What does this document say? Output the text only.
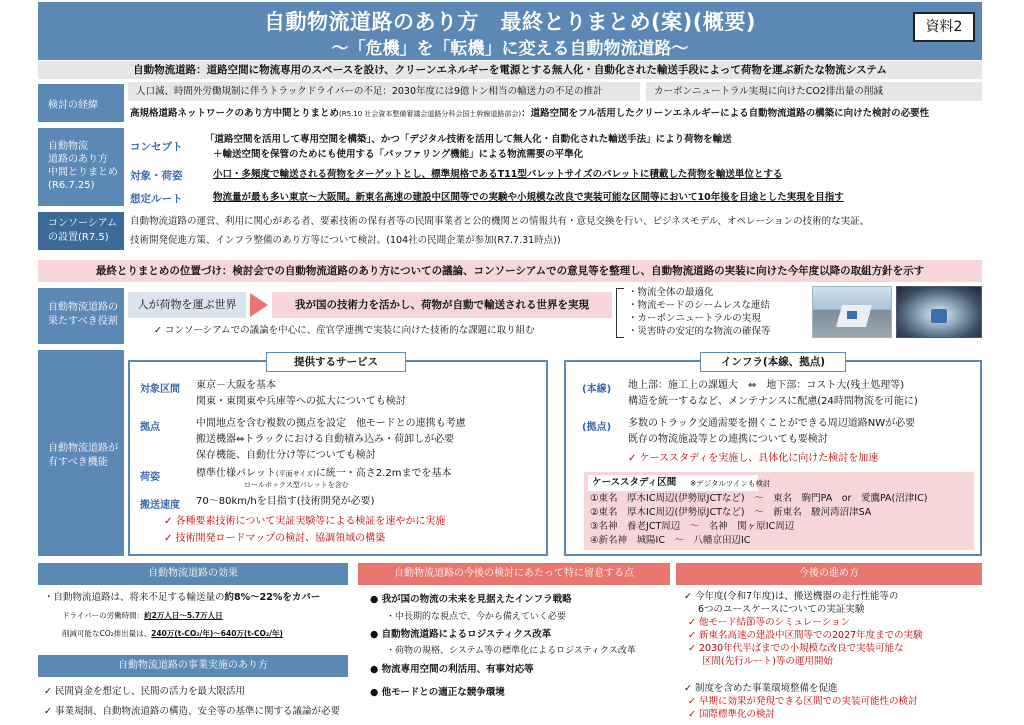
自動物流道路のあり方　最終とりまとめ(案)(概要)
〜「危機」を「転機」に変える自動物流道路〜
資料2
自動物流道路：道路空間に物流専用のスペースを設け、クリーンエネルギーを電源とする無人化・自動化された輸送手段によって荷物を運ぶ新たな物流システム
検討の経緯
人口減、時間外労働規制に伴うトラックドライバーの不足：2030年度には9億トン相当の輸送力の不足の推計	カーボンニュートラル実現に向けたCO2排出量の削減
高規格道路ネットワークのあり方中間とりまとめ(R5.10 社会資本整備審議会道路分科会国土幹線道路部会)：道路空間をフル活用したクリーンエネルギーによる自動物流道路の構築に向けた検討の必要性
自動物流
道路のあり方
中間とりまとめ
(R6.7.25)
コンセプト
「道路空間を活用して専用空間を構築」、かつ「デジタル技術を活用して無人化・自動化された輸送手法」により荷物を輸送
＋輸送空間を保管のためにも使用する「バッファリング機能」による物流需要の平準化
対象・荷姿	小口・多頻度で輸送される荷物をターゲットとし、標準規格であるT11型パレットサイズのパレットに積載した荷物を輸送単位とする
想定ルート	物流量が最も多い東京〜大阪間。新東名高速の建設中区間等での実験や小規模な改良で実装可能な区間等において10年後を目途とした実現を目指す
コンソーシアム
の設置(R7.5)
自動物流道路の運営、利用に関心がある者、要素技術の保有者等の民間事業者と公的機関との情報共有・意見交換を行い、ビジネスモデル、オペレーションの技術的な実証、
技術開発促進方策、インフラ整備のあり方等について検討。(104社の民間企業が参加(R7.7.31時点))
最終とりまとめの位置づけ：検討会での自動物流道路のあり方についての議論、コンソーシアムでの意見等を整理し、自動物流道路の実装に向けた今年度以降の取組方針を示す
自動物流道路の
果たすべき役割
人が荷物を運ぶ世界	我が国の技術力を活かし、荷物が自動で輸送される世界を実現
・物流全体の最適化
・物流モードのシームレスな連結
・カーボンニュートラルの実現
・災害時の安定的な物流の確保等
✓ コンソーシアムでの議論を中心に、産官学連携で実装に向けた技術的な課題に取り組む
自動物流道路が
有すべき機能
提供するサービス
対象区間 東京－大阪を基本
関東・東関東や兵庫等への拡大についても検討
拠点	中間地点を含む複数の拠点を設定　他モードとの連携も考慮
搬送機器⇔トラックにおける自動積み込み・荷卸しが必要
保存機能、自動仕分け等についても検討
荷姿	標準仕様パレット(平面サイズ)に統一・高さ2.2mまでを基本
ロールボックス型パレットを含む
搬送速度 70〜80km/hを目指す(技術開発が必要)
✓ 各種要素技術について実証実験等による検証を速やかに実施
✓ 技術開発ロードマップの検討、協調領域の構築
インフラ(本線、拠点)
(本線) 地上部：施工上の課題大　⇔　地下部：コスト大(残土処理等)
構造を統一するなど、メンテナンスに配慮(24時間物流を可能に)
(拠点) 多数のトラック交通需要を捌くことができる周辺道路NWが必要
既存の物流施設等との連携についても要検討
✓ ケーススタディを実施し、具体化に向けた検討を加速
ケーススタディ区間	※デジタルツインも検討
①東名　厚木IC周辺(伊勢原JCTなど)　〜　東名　駒門PA　or　愛鷹PA(沼津IC)
②東名　厚木IC周辺(伊勢原JCTなど)　〜　新東名　駿河湾沼津SA
③名神　養老JCT周辺　〜　名神　関ヶ原IC周辺
④新名神　城陽IC　〜　八幡京田辺IC
自動物流道路の効果
・自動物流道路は、将来不足する輸送量の約8%〜22%をカバー
ドライバーの労働時間：約2万人日〜5.7万人日
削減可能なCO₂排出量は、240万(t-CO₂/年)〜640万(t-CO₂/年)
自動物流道路の事業実施のあり方
✓ 民間資金を想定し、民間の活力を最大限活用
✓ 事業規制、自動物流道路の構造、安全等の基準に関する議論が必要
自動物流道路の今後の検討にあたって特に留意する点
● 我が国の物流の未来を見据えたインフラ戦略
・中長期的な視点で、今から備えていく必要
● 自動物流道路によるロジスティクス改革
・荷物の規格、システム等の標準化によるロジスティクス改革
● 物流専用空間の利活用、有事対応等
● 他モードとの適正な競争環境
今後の進め方
✓ 今年度(令和7年度)は、搬送機器の走行性能等の
6つのユースケースについての実証実験
✓ 他モード結節等のシミュレーション
✓ 新東名高速の建設中区間等での2027年度までの実験
✓ 2030年代半ばまでの小規模な改良で実装可能な
区間(先行ルート)等の運用開始
✓ 制度を含めた事業環境整備を促進
✓ 早期に効果が発現できる区間での実装可能性の検討
✓ 国際標準化の検討
